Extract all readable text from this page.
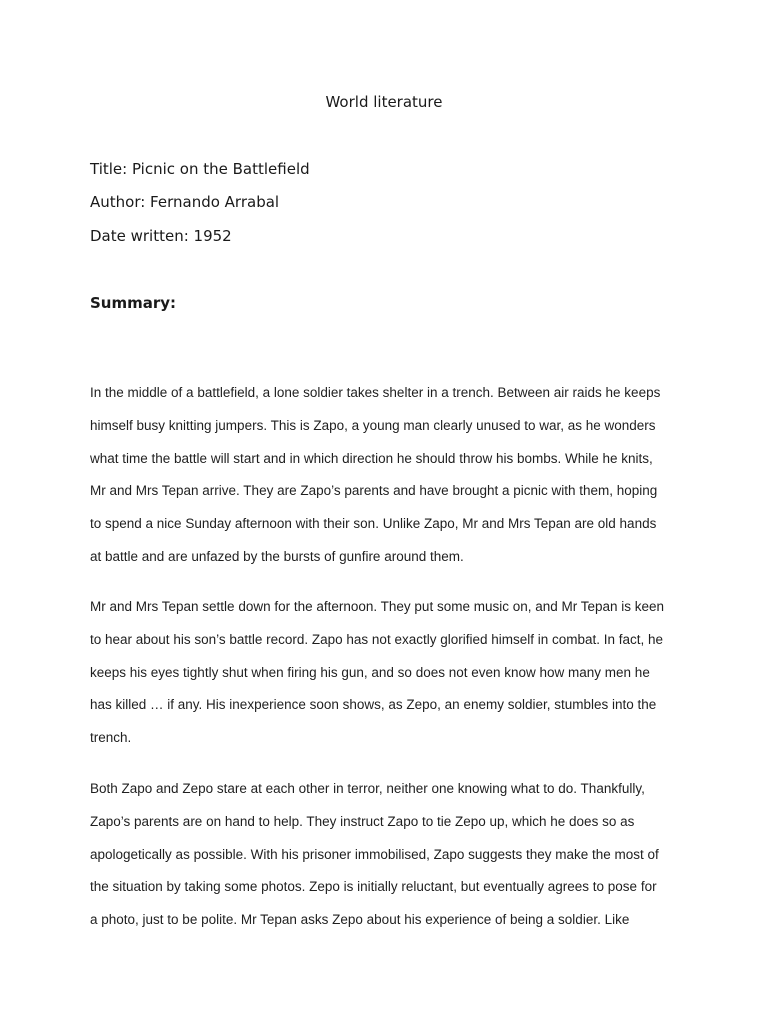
World literature
Title: Picnic on the Battlefield
Author: Fernando Arrabal
Date written: 1952
Summary:
In the middle of a battlefield, a lone soldier takes shelter in a trench. Between air raids he keeps
himself busy knitting jumpers. This is Zapo, a young man clearly unused to war, as he wonders
what time the battle will start and in which direction he should throw his bombs. While he knits,
Mr and Mrs Tepan arrive. They are Zapo’s parents and have brought a picnic with them, hoping
to spend a nice Sunday afternoon with their son. Unlike Zapo, Mr and Mrs Tepan are old hands
at battle and are unfazed by the bursts of gunfire around them.
Mr and Mrs Tepan settle down for the afternoon. They put some music on, and Mr Tepan is keen
to hear about his son’s battle record. Zapo has not exactly glorified himself in combat. In fact, he
keeps his eyes tightly shut when firing his gun, and so does not even know how many men he
has killed … if any. His inexperience soon shows, as Zepo, an enemy soldier, stumbles into the
trench.
Both Zapo and Zepo stare at each other in terror, neither one knowing what to do. Thankfully,
Zapo’s parents are on hand to help. They instruct Zapo to tie Zepo up, which he does so as
apologetically as possible. With his prisoner immobilised, Zapo suggests they make the most of
the situation by taking some photos. Zepo is initially reluctant, but eventually agrees to pose for
a photo, just to be polite. Mr Tepan asks Zepo about his experience of being a soldier. Like
